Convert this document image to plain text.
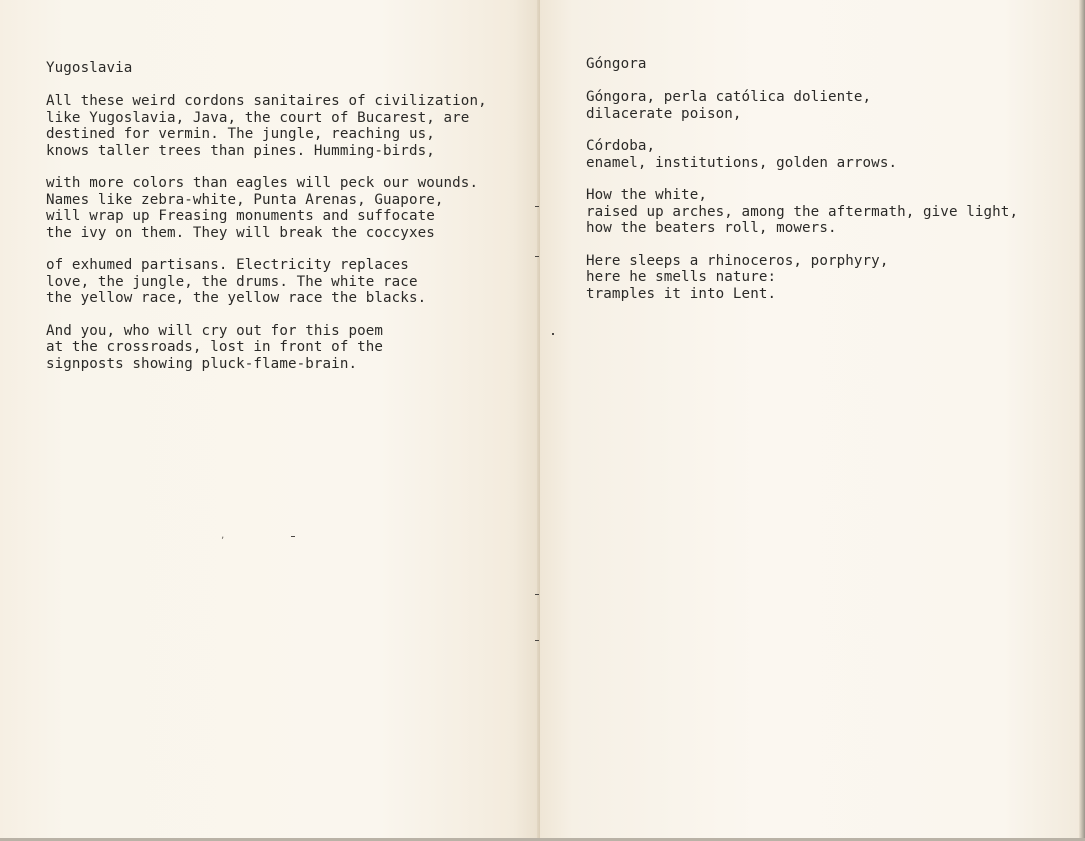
Yugoslavia
All these weird cordons sanitaires of civilization,
like Yugoslavia, Java, the court of Bucarest, are
destined for vermin. The jungle, reaching us,
knows taller trees than pines. Humming-birds,
with more colors than eagles will peck our wounds.
Names like zebra-white, Punta Arenas, Guapore,
will wrap up Freasing monuments and suffocate
the ivy on them. They will break the coccyxes
of exhumed partisans. Electricity replaces
love, the jungle, the drums. The white race
the yellow race, the yellow race the blacks.
And you, who will cry out for this poem
at the crossroads, lost in front of the
signposts showing pluck-flame-brain.
‚
Góngora
Góngora, perla católica doliente,
dilacerate poison,
Córdoba,
enamel, institutions, golden arrows.
How the white,
raised up arches, among the aftermath, give light,
how the beaters roll, mowers.
Here sleeps a rhinoceros, porphyry,
here he smells nature:
tramples it into Lent.
